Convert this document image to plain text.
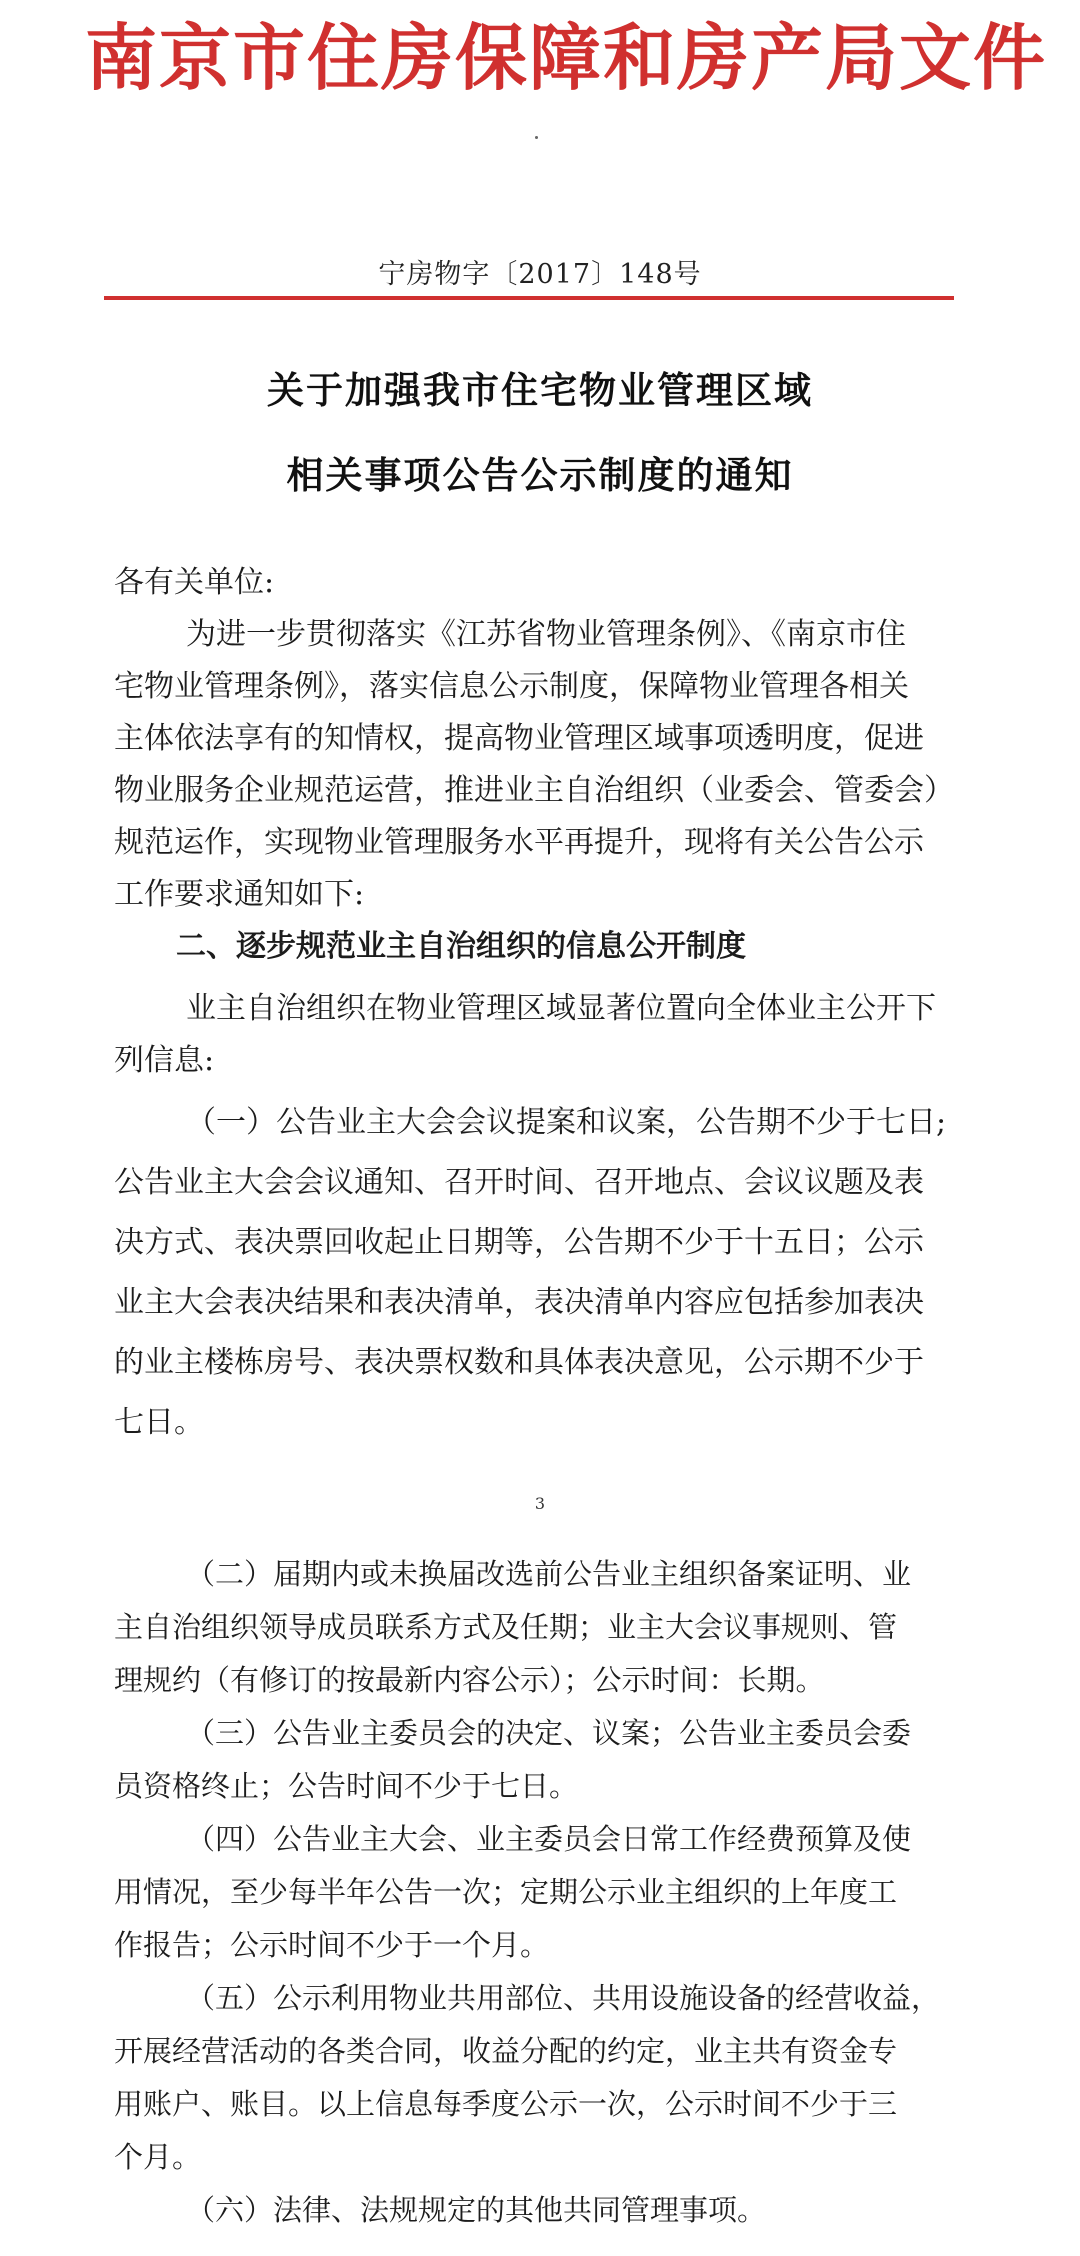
南京市住房保障和房产局文件
宁房物字〔2017〕148号
关于加强我市住宅物业管理区域
相关事项公告公示制度的通知
各有关单位:
为进一步贯彻落实《江苏省物业管理条例》、《南京市住
宅物业管理条例》，落实信息公示制度，保障物业管理各相关
主体依法享有的知情权，提高物业管理区域事项透明度，促进
物业服务企业规范运营，推进业主自治组织（业委会、管委会）
规范运作，实现物业管理服务水平再提升，现将有关公告公示
工作要求通知如下:
二、逐步规范业主自治组织的信息公开制度
业主自治组织在物业管理区域显著位置向全体业主公开下
列信息:
（一）公告业主大会会议提案和议案，公告期不少于七日;
公告业主大会会议通知、召开时间、召开地点、会议议题及表
决方式、表决票回收起止日期等，公告期不少于十五日；公示
业主大会表决结果和表决清单，表决清单内容应包括参加表决
的业主楼栋房号、表决票权数和具体表决意见，公示期不少于
七日。
3
（二）届期内或未换届改选前公告业主组织备案证明、业
主自治组织领导成员联系方式及任期；业主大会议事规则、管
理规约（有修订的按最新内容公示）；公示时间：长期。
（三）公告业主委员会的决定、议案；公告业主委员会委
员资格终止；公告时间不少于七日。
（四）公告业主大会、业主委员会日常工作经费预算及使
用情况，至少每半年公告一次；定期公示业主组织的上年度工
作报告；公示时间不少于一个月。
（五）公示利用物业共用部位、共用设施设备的经营收益，
开展经营活动的各类合同，收益分配的约定，业主共有资金专
用账户、账目。以上信息每季度公示一次，公示时间不少于三
个月。
（六）法律、法规规定的其他共同管理事项。
